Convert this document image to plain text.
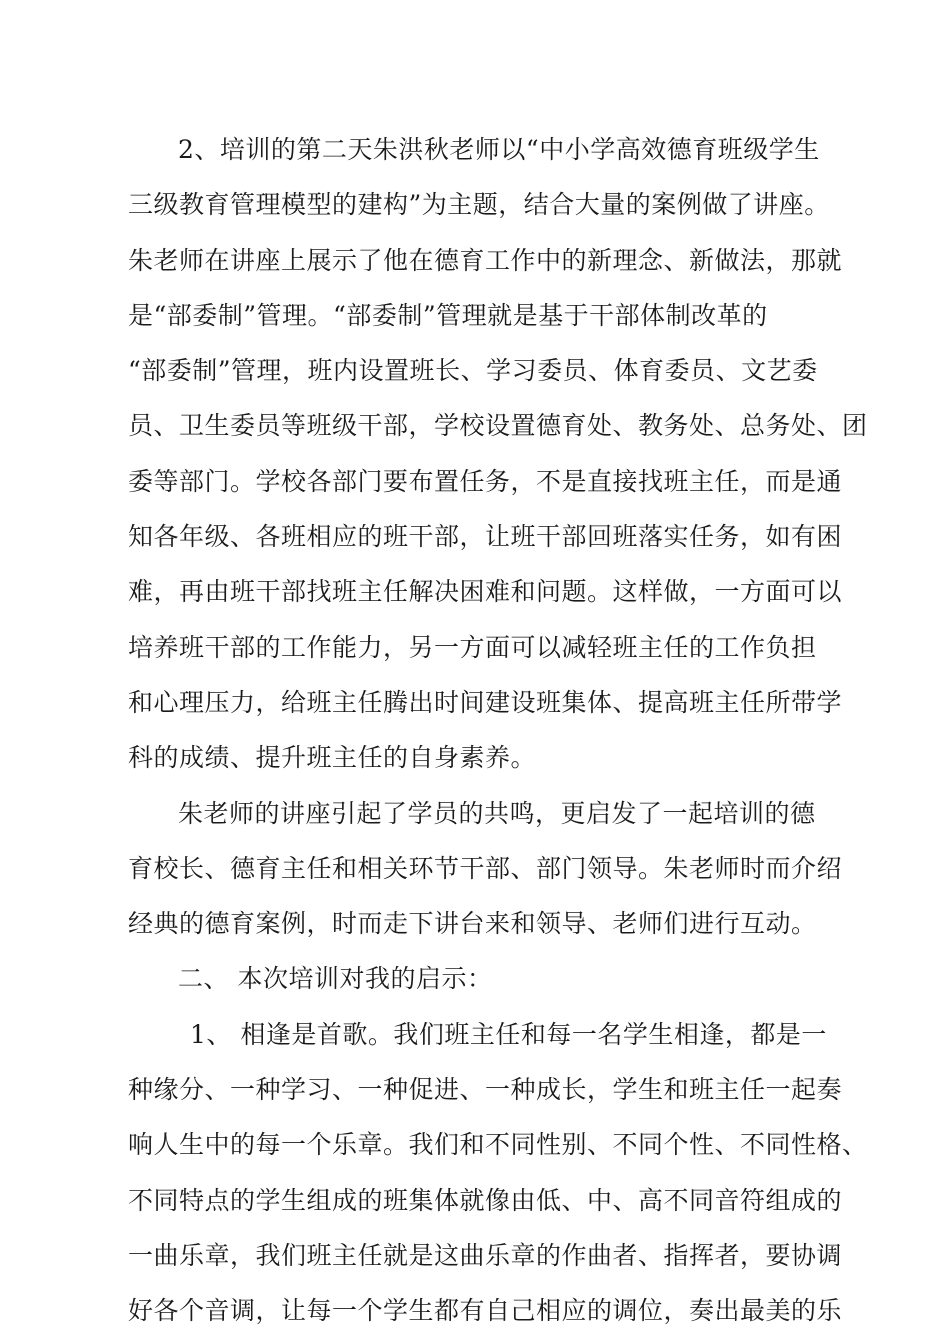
2、培训的第二天朱洪秋老师以“中小学高效德育班级学生
三级教育管理模型的建构”为主题，结合大量的案例做了讲座。
朱老师在讲座上展示了他在德育工作中的新理念、新做法，那就
是“部委制”管理。“部委制”管理就是基于干部体制改革的
“部委制”管理，班内设置班长、学习委员、体育委员、文艺委
员、卫生委员等班级干部，学校设置德育处、教务处、总务处、团
委等部门。学校各部门要布置任务，不是直接找班主任，而是通
知各年级、各班相应的班干部，让班干部回班落实任务，如有困
难，再由班干部找班主任解决困难和问题。这样做，一方面可以
培养班干部的工作能力，另一方面可以减轻班主任的工作负担
和心理压力，给班主任腾出时间建设班集体、提高班主任所带学
科的成绩、提升班主任的自身素养。
朱老师的讲座引起了学员的共鸣，更启发了一起培训的德
育校长、德育主任和相关环节干部、部门领导。朱老师时而介绍
经典的德育案例，时而走下讲台来和领导、老师们进行互动。
二、 本次培训对我的启示：
1、 相逢是首歌。我们班主任和每一名学生相逢，都是一
种缘分、一种学习、一种促进、一种成长，学生和班主任一起奏
响人生中的每一个乐章。我们和不同性别、不同个性、不同性格、
不同特点的学生组成的班集体就像由低、中、高不同音符组成的
一曲乐章，我们班主任就是这曲乐章的作曲者、指挥者，要协调
好各个音调，让每一个学生都有自己相应的调位，奏出最美的乐
